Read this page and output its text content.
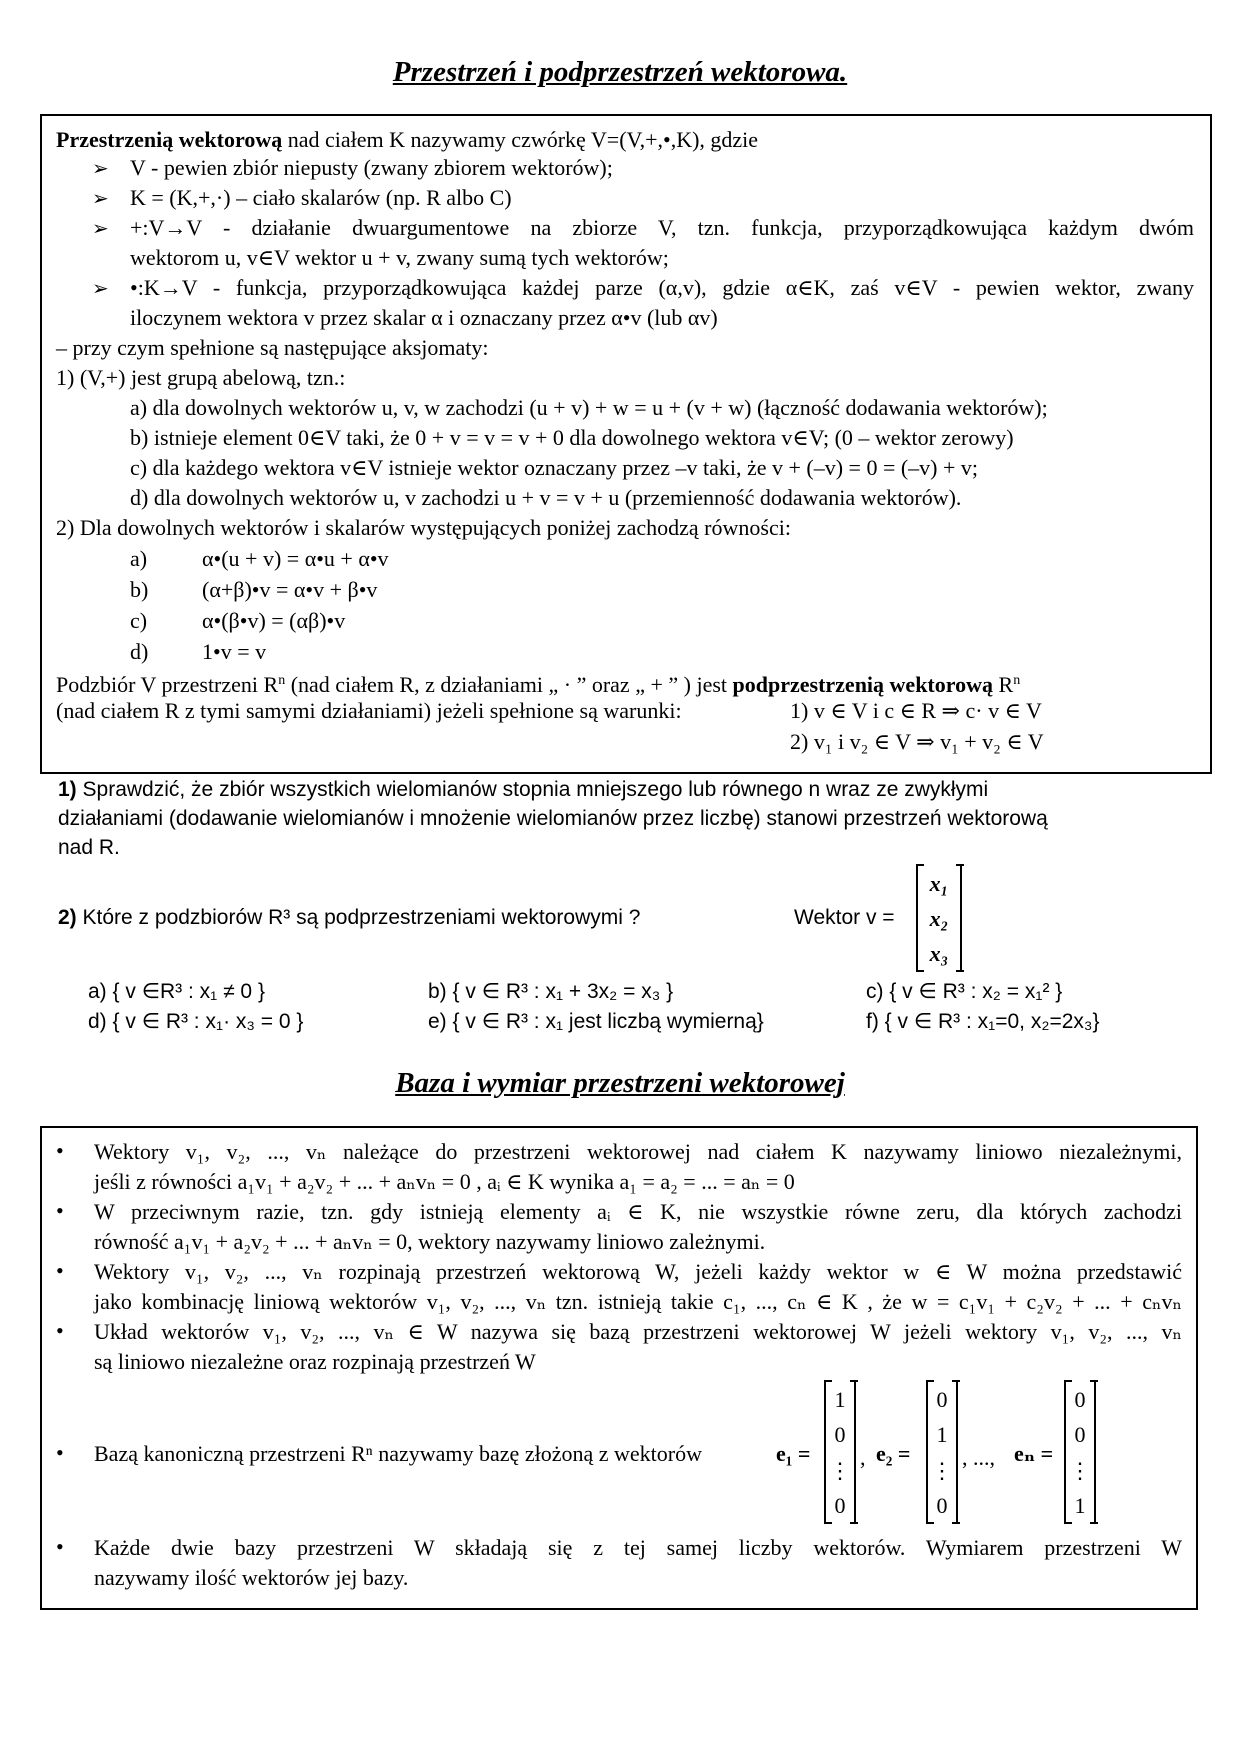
Przestrzeń i podprzestrzeń wektorowa.
Przestrzenią wektorową nad ciałem K nazywamy czwórkę V=(V,+,•,K), gdzie
➢ V - pewien zbiór niepusty (zwany zbiorem wektorów);
➢ K = (K,+,·) – ciało skalarów (np. R albo C)
➢ +:V→V - działanie dwuargumentowe na zbiorze V, tzn. funkcja, przyporządkowująca każdym dwóm
wektorom u, v∈V wektor u + v, zwany sumą tych wektorów;
➢ •:K→V - funkcja, przyporządkowująca każdej parze (α,v), gdzie α∈K, zaś v∈V - pewien wektor, zwany
iloczynem wektora v przez skalar α i oznaczany przez α•v (lub αv)
– przy czym spełnione są następujące aksjomaty:
1) (V,+) jest grupą abelową, tzn.:
a) dla dowolnych wektorów u, v, w zachodzi (u + v) + w = u + (v + w) (łączność dodawania wektorów);
b) istnieje element 0∈V taki, że 0 + v = v = v + 0 dla dowolnego wektora v∈V; (0 – wektor zerowy)
c) dla każdego wektora v∈V istnieje wektor oznaczany przez –v taki, że v + (–v) = 0 = (–v) + v;
d) dla dowolnych wektorów u, v zachodzi u + v = v + u (przemienność dodawania wektorów).
2) Dla dowolnych wektorów i skalarów występujących poniżej zachodzą równości:
a) α•(u + v) = α•u + α•v
b) (α+β)•v = α•v + β•v
c) α•(β•v) = (αβ)•v
d) 1•v = v
Podzbiór V przestrzeni $R^n$ (nad ciałem R, z działaniami „ · ” oraz „ + ” ) jest podprzestrzenią wektorową $R^n$
(nad ciałem R z tymi samymi działaniami) jeżeli spełnione są warunki:	1) v ∈ V i c ∈ R ⇒ c· v ∈ V
2) v₁ i v₂ ∈ V ⇒ v₁ + v₂ ∈ V
1) Sprawdzić, że zbiór wszystkich wielomianów stopnia mniejszego lub równego n wraz ze zwykłymi
działaniami (dodawanie wielomianów i mnożenie wielomianów przez liczbę) stanowi przestrzeń wektorową
nad R.
2) Które z podzbiorów R³ są podprzestrzeniami wektorowymi ?	Wektor v =
x₁
x₂
x₃
a) { v ∈R³ : x₁ ≠ 0 }	b) { v ∈ R³ : x₁ + 3x₂ = x₃ }	c) { v ∈ R³ : x₂ = x₁² }
d) { v ∈ R³ : x₁· x₃ = 0 }	e) { v ∈ R³ : x₁ jest liczbą wymierną}	f) { v ∈ R³ : x₁=0, x₂=2x₃}
Baza i wymiar przestrzeni wektorowej
• Wektory v₁, v₂, ..., vₙ należące do przestrzeni wektorowej nad ciałem K nazywamy liniowo niezależnymi,
jeśli z równości a₁v₁ + a₂v₂ + ... + aₙvₙ = 0 , aᵢ ∈ K wynika a₁ = a₂ = ... = aₙ = 0
• W przeciwnym razie, tzn. gdy istnieją elementy aᵢ ∈ K, nie wszystkie równe zeru, dla których zachodzi
równość a₁v₁ + a₂v₂ + ... + aₙvₙ = 0, wektory nazywamy liniowo zależnymi.
• Wektory v₁, v₂, ..., vₙ rozpinają przestrzeń wektorową W, jeżeli każdy wektor w ∈ W można przedstawić
jako kombinację liniową wektorów v₁, v₂, ..., vₙ tzn. istnieją takie c₁, ..., cₙ ∈ K , że w = c₁v₁ + c₂v₂ + ... + cₙvₙ
• Układ wektorów v₁, v₂, ..., vₙ ∈ W nazywa się bazą przestrzeni wektorowej W jeżeli wektory v₁, v₂, ..., vₙ
są liniowo niezależne oraz rozpinają przestrzeń W
• Bazą kanoniczną przestrzeni Rⁿ nazywamy bazę złożoną z wektorów	e₁ =
1
0
⋮
0
, e₂ =
0
1
⋮
0
, ..., eₙ =
0
0
⋮
1
• Każde dwie bazy przestrzeni W składają się z tej samej liczby wektorów. Wymiarem przestrzeni W
nazywamy ilość wektorów jej bazy.
